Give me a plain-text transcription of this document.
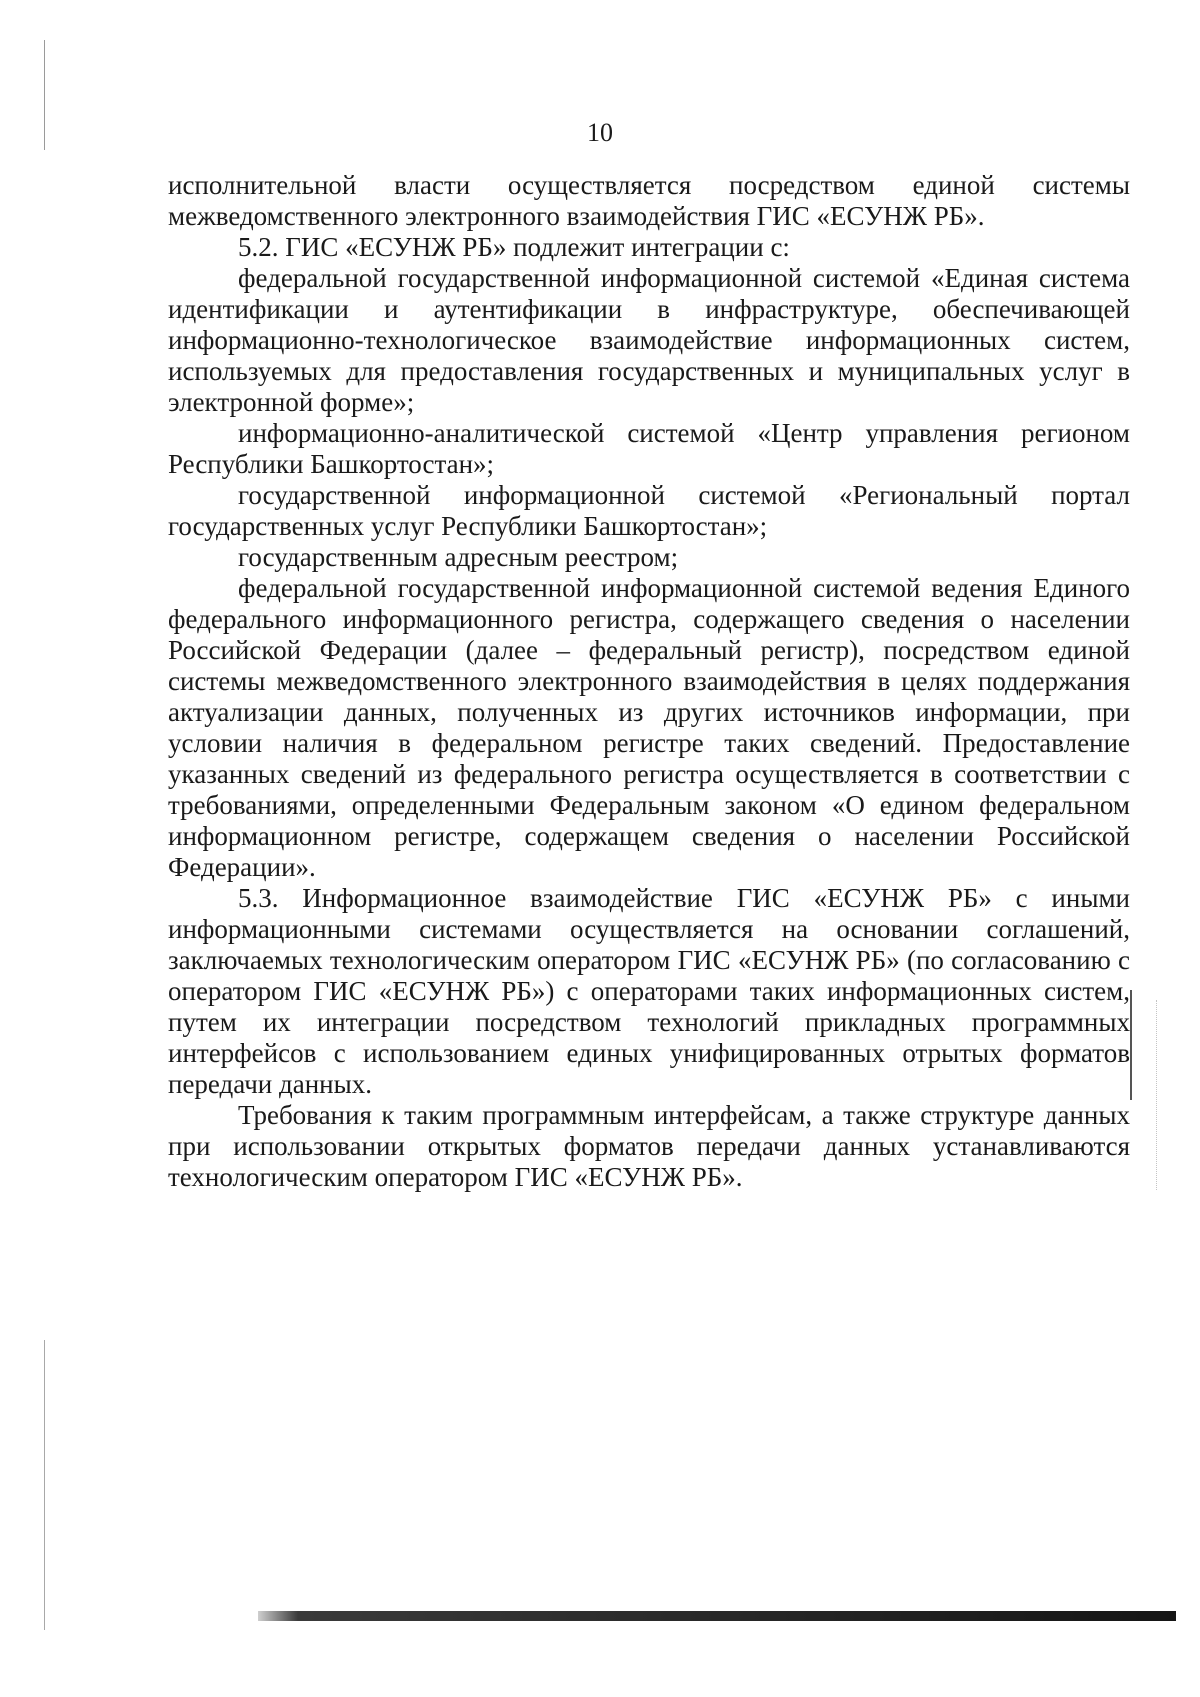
10

исполнительной власти осуществляется посредством единой системы межведомственного электронного взаимодействия ГИС «ЕСУНЖ РБ».

5.2. ГИС «ЕСУНЖ РБ» подлежит интеграции с:

федеральной государственной информационной системой «Единая система идентификации и аутентификации в инфраструктуре, обеспечивающей информационно-технологическое взаимодействие информационных систем, используемых для предоставления государственных и муниципальных услуг в электронной форме»;

информационно-аналитической системой «Центр управления регионом Республики Башкортостан»;

государственной информационной системой «Региональный портал государственных услуг Республики Башкортостан»;

государственным адресным реестром;

федеральной государственной информационной системой ведения Единого федерального информационного регистра, содержащего сведения о населении Российской Федерации (далее – федеральный регистр), посредством единой системы межведомственного электронного взаимодействия в целях поддержания актуализации данных, полученных из других источников информации, при условии наличия в федеральном регистре таких сведений. Предоставление указанных сведений из федерального регистра осуществляется в соответствии с требованиями, определенными Федеральным законом «О едином федеральном информационном регистре, содержащем сведения о населении Российской Федерации».

5.3. Информационное взаимодействие ГИС «ЕСУНЖ РБ» с иными информационными системами осуществляется на основании соглашений, заключаемых технологическим оператором ГИС «ЕСУНЖ РБ» (по согласованию с оператором ГИС «ЕСУНЖ РБ») с операторами таких информационных систем, путем их интеграции посредством технологий прикладных программных интерфейсов с использованием единых унифицированных отрытых форматов передачи данных.

Требования к таким программным интерфейсам, а также структуре данных при использовании открытых форматов передачи данных устанавливаются технологическим оператором ГИС «ЕСУНЖ РБ».
